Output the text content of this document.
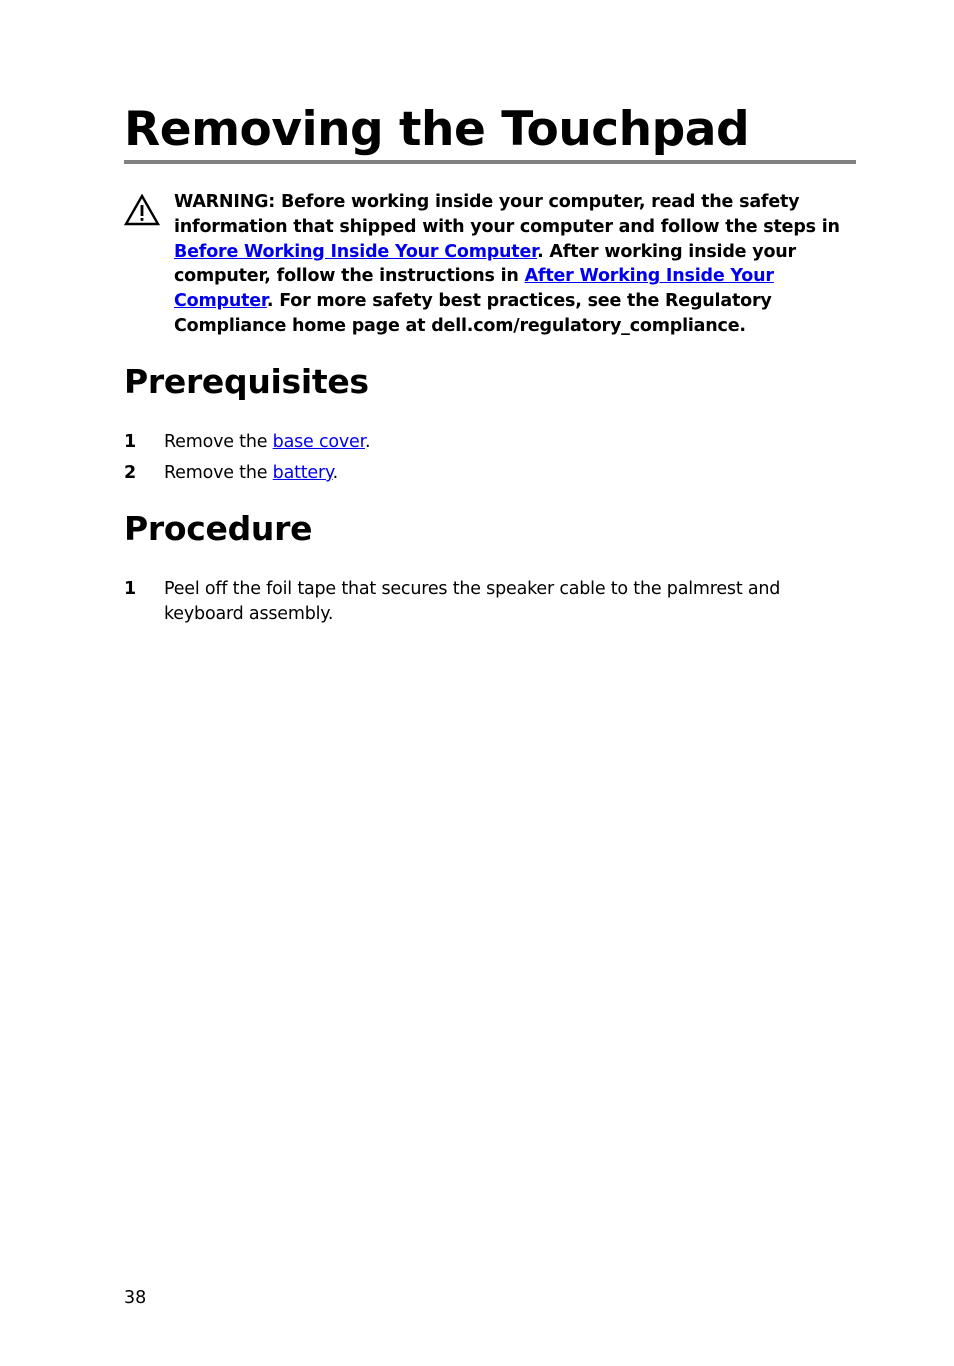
Removing the Touchpad
WARNING: Before working inside your computer, read the safety information that shipped with your computer and follow the steps in Before Working Inside Your Computer. After working inside your computer, follow the instructions in After Working Inside Your Computer. For more safety best practices, see the Regulatory Compliance home page at dell.com/regulatory_compliance.
Prerequisites
1 Remove the base cover.
2 Remove the battery.
Procedure
1 Peel off the foil tape that secures the speaker cable to the palmrest and keyboard assembly.
38
